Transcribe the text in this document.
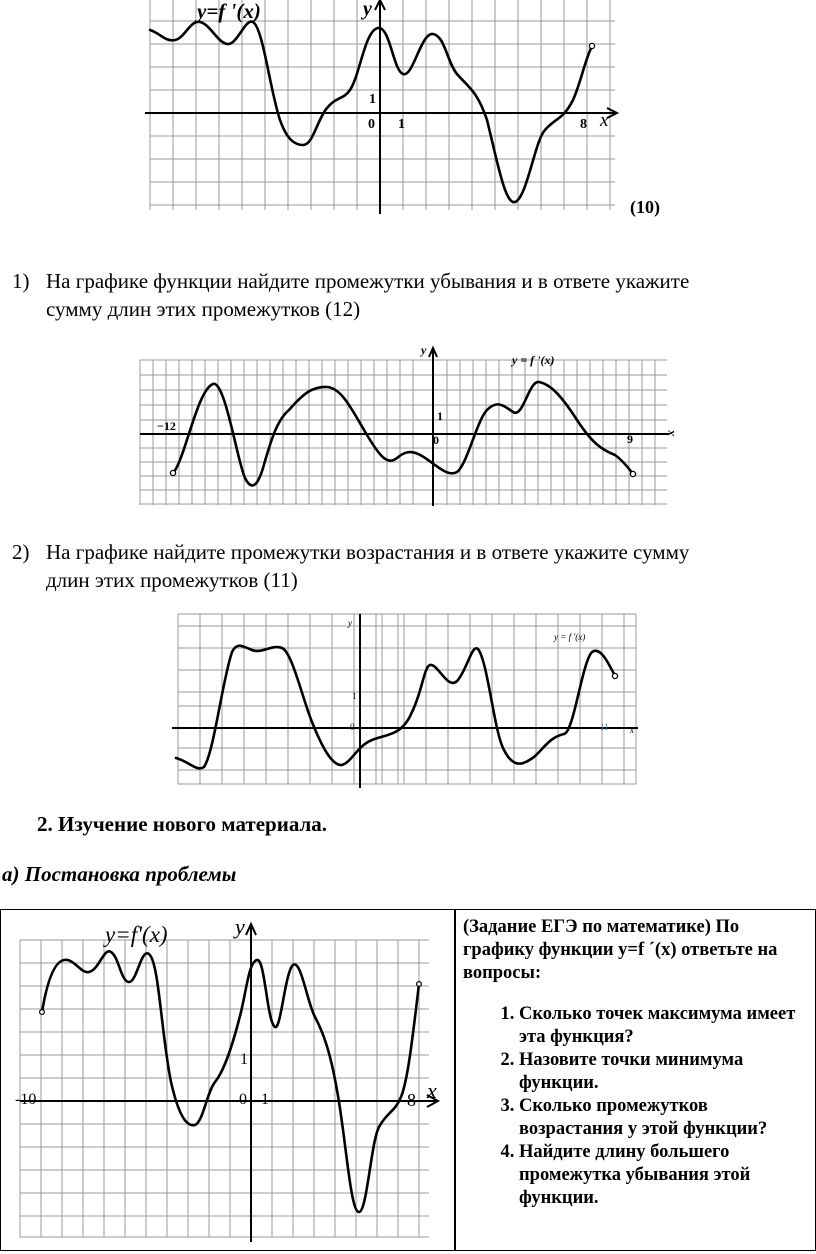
y=f '(x)	y
x
1
0 1	8
(10)
1) На графике функции найдите промежутки убывания и в ответе укажите
сумму длин этих промежутков (12)
y = f '(x)
y
x
−12
1
0	9
2) На графике найдите промежутки возрастания и в ответе укажите сумму
длин этих промежутков (11)
y = f '(x)
y
x
1
0	11
2. Изучение нового материала.
а) Постановка проблемы
y=f'(x)	y
x
-10
1
0 1	8
(Задание ЕГЭ по математике) По графику функции y=f ´(x) ответьте на вопросы:
1. Сколько точек максимума имеет эта функция?
2. Назовите точки минимума функции.
3. Сколько промежутков возрастания у этой функции?
4. Найдите длину большего промежутка убывания этой функции.
